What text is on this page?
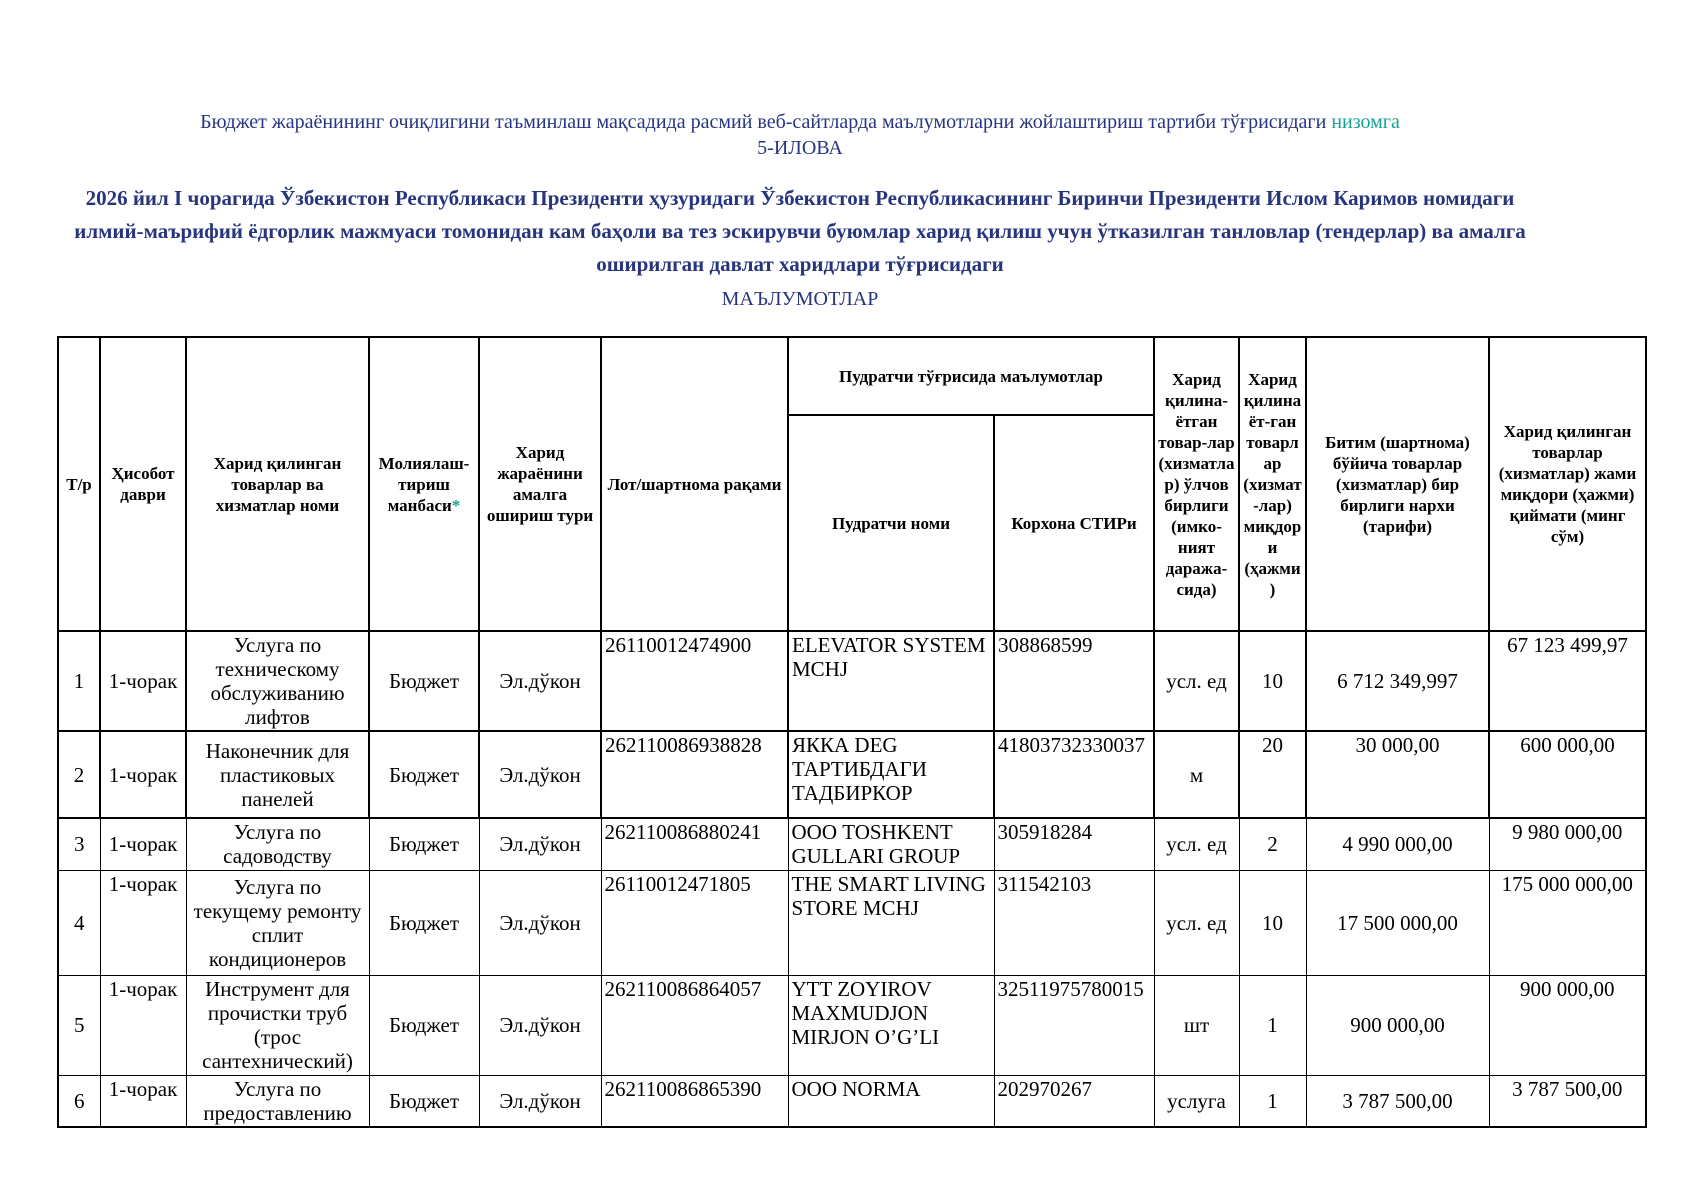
Бюджет жараёнининг очиқлигини таъминлаш мақсадида расмий веб-сайтларда маълумотларни жойлаштириш тартиби тўғрисидаги низомга
5-ИЛОВА
2026 йил I чорагида Ўзбекистон Республикаси Президенти ҳузуридаги Ўзбекистон Республикасининг Биринчи Президенти Ислом Каримов номидаги илмий-маърифий ёдгорлик мажмуаси томонидан кам баҳоли ва тез эскирувчи буюмлар харид қилиш учун ўтказилган танловлар (тендерлар) ва амалга оширилган давлат харидлари тўғрисидаги
МАЪЛУМОТЛАР
Т/р	Ҳисобот даври	Харид қилинган товарлар ва хизматлар номи	Молиялаш-тириш манбаси*	Харид жараёнини амалга ошириш тури	Лот/шартнома рақами	Пудратчи тўғрисида маълумотлар		Харид қилина-ётган товар-лар (хизматлар) ўлчов бирлиги (имко-ният даража-сида)	Харид қилинаёт-ган товарлар (хизмат-лар) миқдори (ҳажми)	Битим (шартнома) бўйича товарлар (хизматлар) бир бирлиги нархи (тарифи)	Харид қилинган товарлар (хизматлар) жами миқдори (ҳажми) қиймати (минг сўм)
						Пудратчи номи	Корхона СТИРи				
1	1-чорак	Услуга по техническому обслуживанию лифтов	Бюджет	Эл.дўкон	26110012474900	ELEVATOR SYSTEM MCHJ	308868599	усл. ед	10	6 712 349,997	67 123 499,97
2	1-чорак	Наконечник для пластиковых панелей	Бюджет	Эл.дўкон	262110086938828	ЯККА DEG ТАРТИБДАГИ ТАДБИРКОР	41803732330037	м	20	30 000,00	600 000,00
3	1-чорак	Услуга по садоводству	Бюджет	Эл.дўкон	262110086880241	ООО TOSHKENT GULLARI GROUP	305918284	усл. ед	2	4 990 000,00	9 980 000,00
4	1-чорак	Услуга по текущему ремонту сплит кондиционеров	Бюджет	Эл.дўкон	26110012471805	THE SMART LIVING STORE MCHJ	311542103	усл. ед	10	17 500 000,00	175 000 000,00
5	1-чорак	Инструмент для прочистки труб (трос сантехнический)	Бюджет	Эл.дўкон	262110086864057	YTT ZOYIROV MAXMUDJON MIRJON O’G’LI	32511975780015	шт	1	900 000,00	900 000,00
6	1-чорак	Услуга по предоставлению	Бюджет	Эл.дўкон	262110086865390	ООО NORMA	202970267	услуга	1	3 787 500,00	3 787 500,00
